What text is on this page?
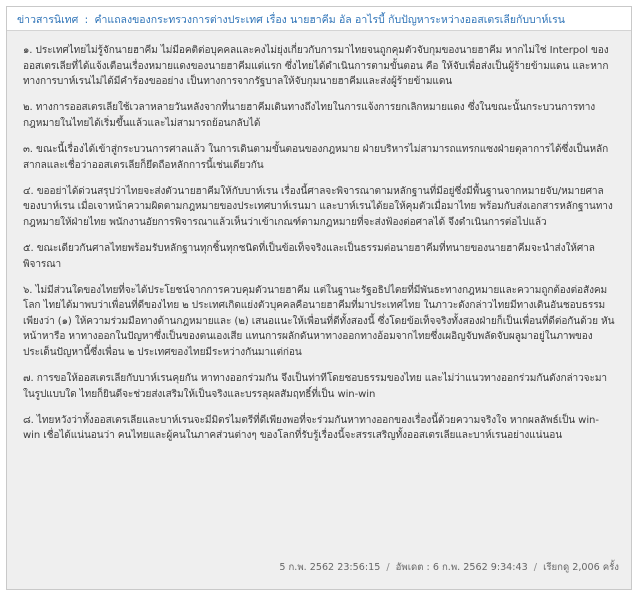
ข่าวสารนิเทศ : คำแถลงของกระทรวงการต่างประเทศ เรื่อง นายฮาคีม อัล อาไรบี้ กับปัญหาระหว่างออสเตรเลียกับบาห์เรน

๑. ประเทศไทยไม่รู้จักนายฮาคีม ไม่มีอคติต่อบุคคลและคงไม่ยุ่งเกี่ยวกับการมาไทยจนถูกคุมตัวจับกุมของนายฮาคีม หากไม่ใช่ Interpol ของออสเตรเลียที่ได้แจ้งเตือนเรื่องหมายแดงของนายฮาคีมแต่แรก ซึ่งไทยได้ดำเนินการตามขั้นตอน คือ ให้จับเพื่อส่งเป็นผู้ร้ายข้ามแดน และหากทางการบาห์เรนไม่ได้มีคำร้องขออย่าง เป็นทางการจากรัฐบาลให้จับกุมนายฮาคีมและส่งผู้ร้ายข้ามแดน

๒. ทางการออสเตรเลียใช้เวลาหลายวันหลังจากที่นายฮาคีมเดินทางถึงไทยในการแจ้งการยกเลิกหมายแดง ซึ่งในขณะนั้นกระบวนการทางกฎหมายในไทยได้เริ่มขึ้นแล้วและไม่สามารถย้อนกลับได้

๓. ขณะนี้เรื่องได้เข้าสู่กระบวนการศาลแล้ว ในการเดินตามขั้นตอนของกฎหมาย ฝ่ายบริหารไม่สามารถแทรกแซงฝ่ายตุลาการได้ซึ่งเป็นหลักสากลและเชื่อว่าออสเตรเลียก็ยึดถือหลักการนี้เช่นเดียวกัน

๔. ขออย่าได้ด่วนสรุปว่าไทยจะส่งตัวนายฮาคีมให้กับบาห์เรน เรื่องนี้ศาลจะพิจารณาตามหลักฐานที่มีอยู่ซึ่งมีพื้นฐานจากหมายจับ/หมายศาลของบาห์เรน เมื่อเจาหน้าความผิดตามกฎหมายของประเทศบาห์เรนมา และบาห์เรนได้ยอให้คุมตัวเมื่อมาไทย พร้อมกับส่งเอกสารหลักฐานทางกฎหมายให้ฝ่ายไทย พนักงานอัยการพิจารณาแล้วเห็นว่าเข้าเกณฑ์ตามกฎหมายที่จะส่งฟ้องต่อศาลได้ จึงดำเนินการต่อไปแล้ว

๕. ขณะเดียวกันศาลไทยพร้อมรับหลักฐานทุกชิ้นทุกชนิดที่เป็นข้อเท็จจริงและเป็นธรรมต่อนายฮาคีมที่ทนายของนายฮาคีมจะนำส่งให้ศาลพิจารณา

๖. ไม่มีส่วนใดของไทยที่จะได้ประโยชน์จากการควบคุมตัวนายฮาคีม แต่ในฐานะรัฐอธิปไตยที่มีพันธะทางกฎหมายและความถูกต้องต่อสังคมโลก ไทยได้มาพบว่าเพื่อนที่ดีของไทย ๒ ประเทศเกิดแย่งตัวบุคคลคือนายฮาคีมที่มาประเทศไทย ในภาวะดังกล่าวไทยมีทางเดินอันชอบธรรมเพียงว่า (๑) ให้ความร่วมมือทางด้านกฎหมายและ (๒) เสนอแนะให้เพื่อนที่ดีทั้งสองนี้ ซึ่งโดยข้อเท็จจริงทั้งสองฝ่ายก็เป็นเพื่อนที่ดีต่อกันด้วย หันหน้าหารือ หาทางออกในปัญหาซึ่งเป็นของตนเองเสีย แทนการผลักดันหาทางออกทางอ้อมจากไทยซึ่งเผอิญจับพลัดจับผลูมาอยู่ในภาพของประเด็นปัญหานี้ซึ่งเพื่อน ๒ ประเทศของไทยมีระหว่างกันมาแต่ก่อน

๗. การขอให้ออสเตรเลียกับบาห์เรนคุยกัน หาทางออกร่วมกัน จึงเป็นท่าทีโดยชอบธรรมของไทย และไม่ว่าแนวทางออกร่วมกันดังกล่าวจะมาในรูปแบบใด ไทยก็ยินดีจะช่วยส่งเสริมให้เป็นจริงและบรรลุผลสัมฤทธิ์ที่เป็น win-win

๘. ไทยหวังว่าทั้งออสเตรเลียและบาห์เรนจะมีมิตรไมตรีที่ดีเพียงพอที่จะร่วมกันหาทางออกของเรื่องนี้ด้วยความจริงใจ หากผลลัพธ์เป็น win-win เชื่อได้แน่นอนว่า คนไทยและผู้คนในภาคส่วนต่างๆ ของโลกที่รับรู้เรื่องนี้จะสรรเสริญทั้งออสเตรเลียและบาห์เรนอย่างแน่นอน

5 ก.พ. 2562 23:56:15 / อัพเดต : 6 ก.พ. 2562 9:34:43 / เรียกดู 2,006 ครั้ง
